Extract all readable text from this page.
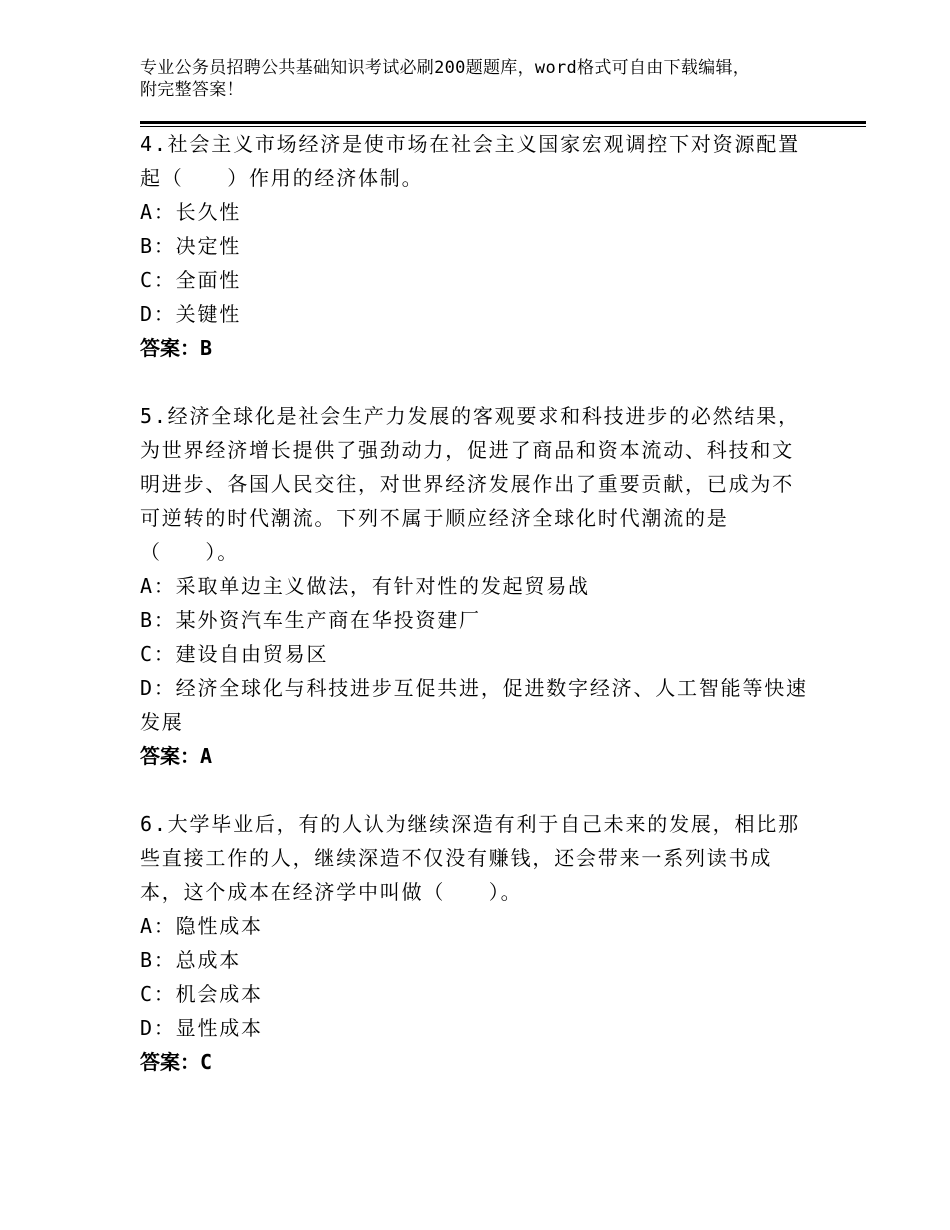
专业公务员招聘公共基础知识考试必刷200题题库，word格式可自由下载编辑，
附完整答案！
4.社会主义市场经济是使市场在社会主义国家宏观调控下对资源配置
起（　　）作用的经济体制。
A：长久性
B：决定性
C：全面性
D：关键性
答案：B
5.经济全球化是社会生产力发展的客观要求和科技进步的必然结果，
为世界经济增长提供了强劲动力，促进了商品和资本流动、科技和文
明进步、各国人民交往，对世界经济发展作出了重要贡献，已成为不
可逆转的时代潮流。下列不属于顺应经济全球化时代潮流的是
（　　）。
A：采取单边主义做法，有针对性的发起贸易战
B：某外资汽车生产商在华投资建厂
C：建设自由贸易区
D：经济全球化与科技进步互促共进，促进数字经济、人工智能等快速
发展
答案：A
6.大学毕业后，有的人认为继续深造有利于自己未来的发展，相比那
些直接工作的人，继续深造不仅没有赚钱，还会带来一系列读书成
本，这个成本在经济学中叫做（　　）。
A：隐性成本
B：总成本
C：机会成本
D：显性成本
答案：C
